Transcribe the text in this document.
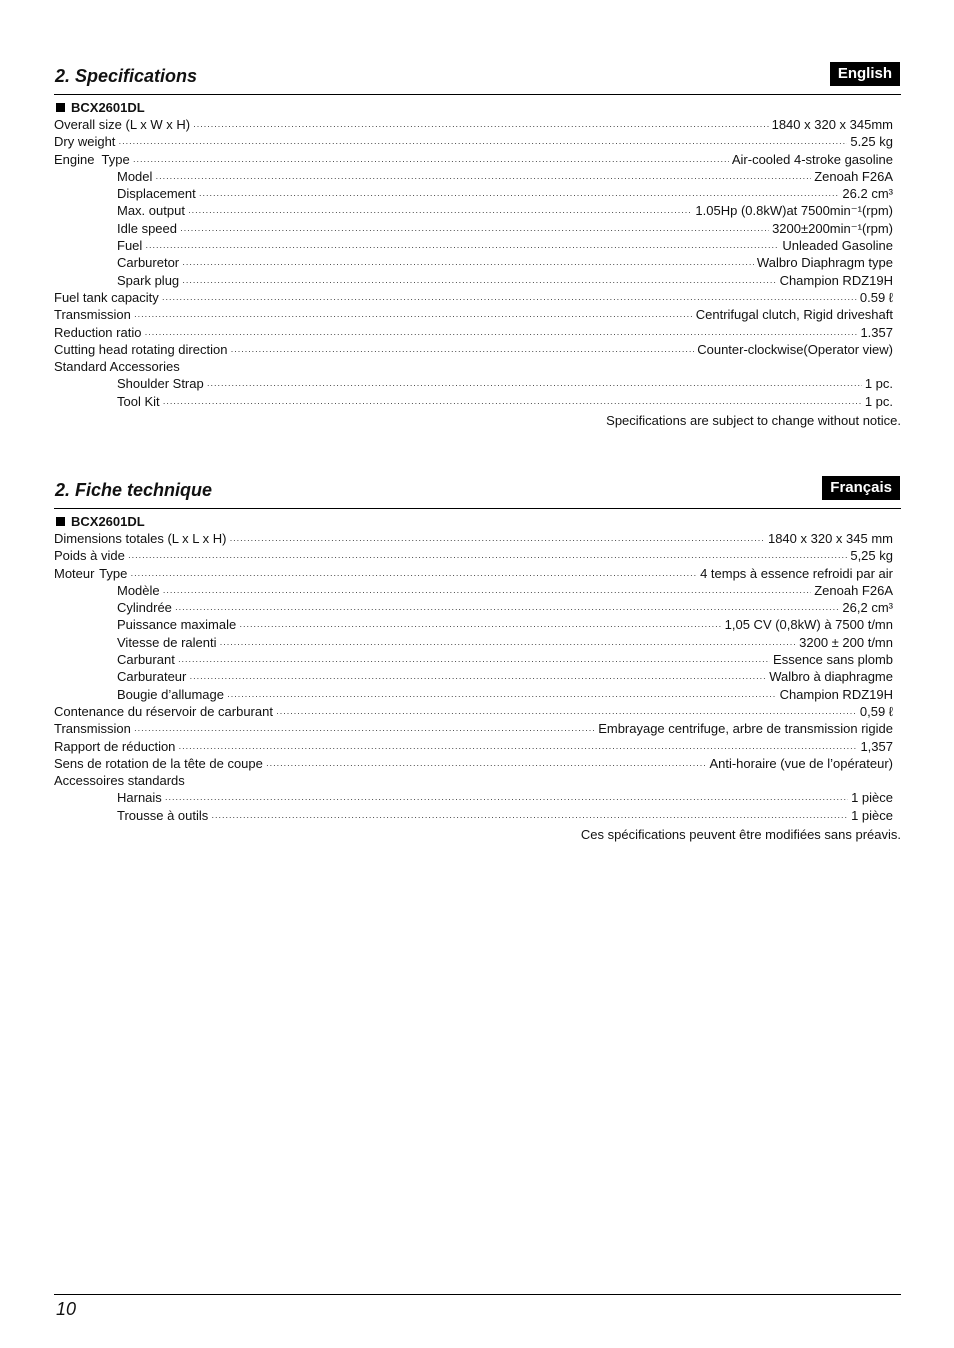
2. Specifications	English
BCX2601DL
Overall size (L x W x H) ·····	1840 x 320 x 345mm
Dry weight ·····	5.25 kg
Engine Type ·····	Air-cooled 4-stroke gasoline
Model ·····	Zenoah F26A
Displacement ·····	26.2 cm³
Max. output ·····	1.05Hp (0.8kW)at 7500min⁻¹(rpm)
Idle speed ·····	3200±200min⁻¹(rpm)
Fuel ·····	Unleaded Gasoline
Carburetor ·····	Walbro Diaphragm type
Spark plug ·····	Champion RDZ19H
Fuel tank capacity ·····	0.59 ℓ
Transmission ·····	Centrifugal clutch, Rigid driveshaft
Reduction ratio ·····	1.357
Cutting head rotating direction ·····	Counter-clockwise(Operator view)
Standard Accessories
Shoulder Strap ·····	1 pc.
Tool Kit ·····	1 pc.
Specifications are subject to change without notice.
2. Fiche technique	Français
BCX2601DL
Dimensions totales (L x L x H) ·····	1840 x 320 x 345 mm
Poids à vide ·····	5,25 kg
Moteur Type ·····	4 temps à essence refroidi par air
Modèle ·····	Zenoah F26A
Cylindrée ·····	26,2 cm³
Puissance maximale ·····	1,05 CV (0,8kW) à 7500 t/mn
Vitesse de ralenti ·····	3200 ± 200 t/mn
Carburant ·····	Essence sans plomb
Carburateur ·····	Walbro à diaphragme
Bougie d’allumage ·····	Champion RDZ19H
Contenance du réservoir de carburant ·····	0,59 ℓ
Transmission ·····	Embrayage centrifuge, arbre de transmission rigide
Rapport de réduction ·····	1,357
Sens de rotation de la tête de coupe ·····	Anti-horaire (vue de l’opérateur)
Accessoires standards
Harnais ·····	1 pièce
Trousse à outils ·····	1 pièce
Ces spécifications peuvent être modifiées sans préavis.
10
